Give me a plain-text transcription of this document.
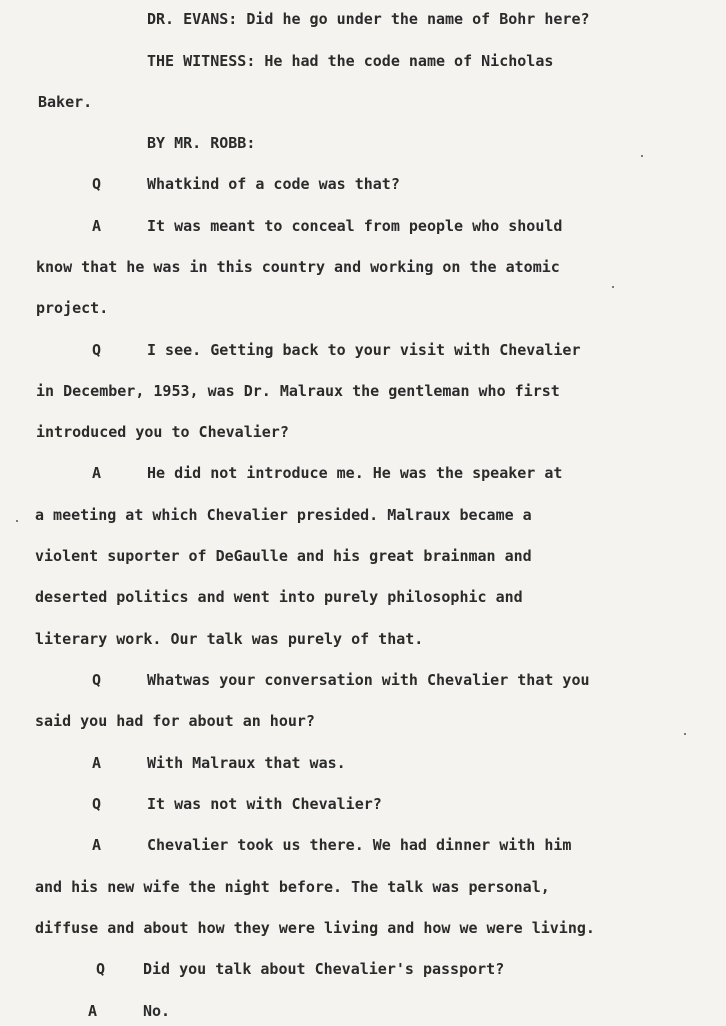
DR. EVANS: Did he go under the name of Bohr here?
THE WITNESS: He had the code name of Nicholas
Baker.
BY MR. ROBB:
Q	Whatkind of a code was that?
A	It was meant to conceal from people who should
know that he was in this country and working on the atomic
project.
Q	I see. Getting back to your visit with Chevalier
in December, 1953, was Dr. Malraux the gentleman who first
introduced you to Chevalier?
A	He did not introduce me. He was the speaker at
a meeting at which Chevalier presided. Malraux became a
violent suporter of DeGaulle and his great brainman and
deserted politics and went into purely philosophic and
literary work. Our talk was purely of that.
Q	Whatwas your conversation with Chevalier that you
said you had for about an hour?
A	With Malraux that was.
Q	It was not with Chevalier?
A	Chevalier took us there. We had dinner with him
and his new wife the night before. The talk was personal,
diffuse and about how they were living and how we were living.
Q	Did you talk about Chevalier's passport?
A	No.
